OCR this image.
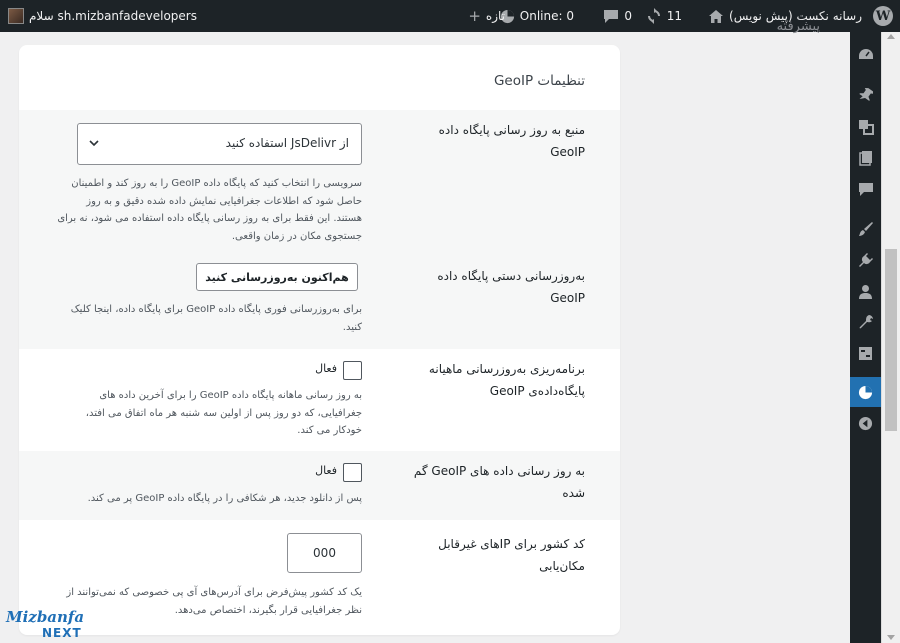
W
رسانه نکست (پیش نویس)
11
0
Online: 0
+ تازه
سلام sh.mizbanfadevelopers
پیشرفته
تنظیمات GeoIP
منبع به روز رسانی پایگاه داده GeoIP
از JsDelivr استفاده کنید
سرویسی را انتخاب کنید که پایگاه داده GeoIP را به روز کند و اطمینان حاصل شود که اطلاعات جغرافیایی نمایش داده شده دقیق و به روز هستند. این فقط برای به روز رسانی پایگاه داده استفاده می شود، نه برای جستجوی مکان در زمان واقعی.
به‌روزرسانی دستی پایگاه داده GeoIP
هم‌اکنون به‌روزرسانی کنید
برای به‌روزرسانی فوری پایگاه داده GeoIP برای پایگاه داده، اینجا کلیک کنید.
برنامه‌ریزی به‌روزرسانی ماهیانه پایگاه‌داده‌ی GeoIP
فعال
به روز رسانی ماهانه پایگاه داده GeoIP را برای آخرین داده های جغرافیایی، که دو روز پس از اولین سه شنبه هر ماه اتفاق می افتد، خودکار می کند.
به روز رسانی داده های GeoIP گم شده
فعال
پس از دانلود جدید، هر شکافی را در پایگاه داده GeoIP پر می کند.
کد کشور برای IPهای غیرقابل مکان‌یابی
000
یک کد کشور پیش‌فرض برای آدرس‌های آی پی خصوصی که نمی‌توانند از نظر جغرافیایی قرار بگیرند، اختصاص می‌دهد.
Mizbanfa
NEXT
